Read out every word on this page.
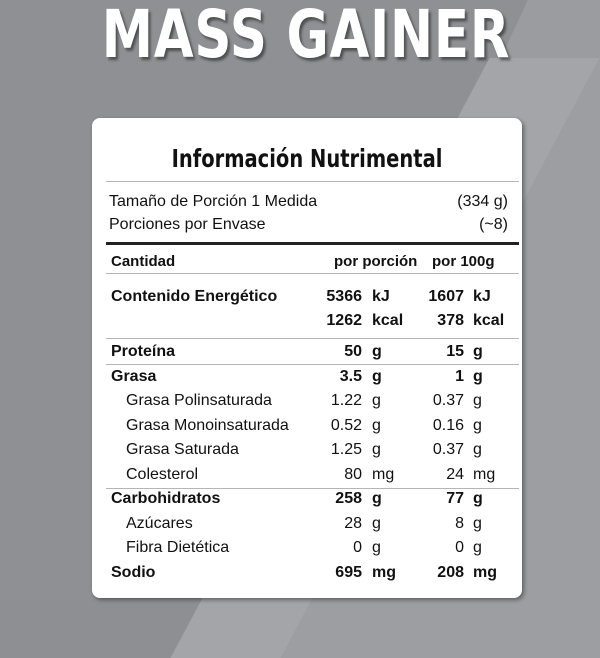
MASS GAINER
Información Nutrimental
Tamaño de Porción 1 Medida	(334 g)
Porciones por Envase	(~8)
Cantidad	por porción por 100g
Contenido Energético	5366 kJ 1607 kJ
1262 kcal 378 kcal
Proteína	50 g	15 g
Grasa	3.5 g	1 g
Grasa Polinsaturada	1.22 g	0.37 g
Grasa Monoinsaturada	0.52 g	0.16 g
Grasa Saturada	1.25 g	0.37 g
Colesterol	80 mg	24 mg
Carbohidratos	258 g	77 g
Azúcares	28 g	8 g
Fibra Dietética	0 g	0 g
Sodio	695 mg	208 mg
